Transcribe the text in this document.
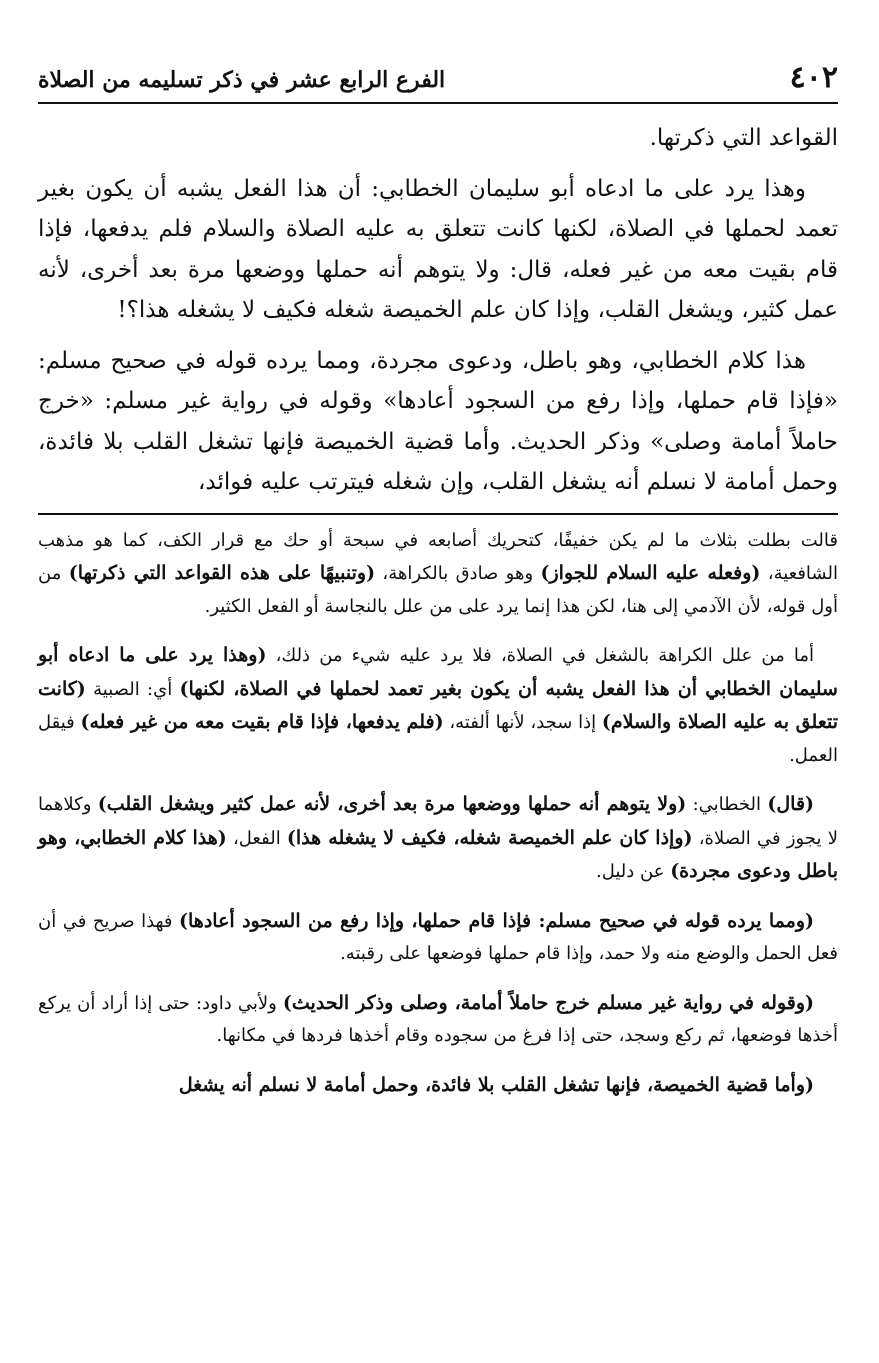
٤٠٢
الفرع الرابع عشر في ذكر تسليمه من الصلاة

القواعد التي ذكرتها.

وهذا يرد على ما ادعاه أبو سليمان الخطابي: أن هذا الفعل يشبه أن يكون بغير تعمد لحملها في الصلاة، لكنها كانت تتعلق به عليه الصلاة والسلام فلم يدفعها، فإذا قام بقيت معه من غير فعله، قال: ولا يتوهم أنه حملها ووضعها مرة بعد أخرى، لأنه عمل كثير، ويشغل القلب، وإذا كان علم الخميصة شغله فكيف لا يشغله هذا؟!

هذا كلام الخطابي، وهو باطل، ودعوى مجردة، ومما يرده قوله في صحيح مسلم: «فإذا قام حملها، وإذا رفع من السجود أعادها» وقوله في رواية غير مسلم: «خرج حاملاً أمامة وصلى» وذكر الحديث. وأما قضية الخميصة فإنها تشغل القلب بلا فائدة، وحمل أمامة لا نسلم أنه يشغل القلب، وإن شغله فيترتب عليه فوائد،

قالت بطلت بثلاث ما لم يكن خفيفًا، كتحريك أصابعه في سبحة أو حك مع قرار الكف، كما هو مذهب الشافعية، (وفعله عليه السلام للجواز) وهو صادق بالكراهة، (وتنبيهًا على هذه القواعد التي ذكرتها) من أول قوله، لأن الآدمي إلى هنا، لكن هذا إنما يرد على من علل بالنجاسة أو الفعل الكثير.

أما من علل الكراهة بالشغل في الصلاة، فلا يرد عليه شيء من ذلك، (وهذا يرد على ما ادعاه أبو سليمان الخطابي أن هذا الفعل يشبه أن يكون بغير تعمد لحملها في الصلاة، لكنها) أي: الصبية (كانت تتعلق به عليه الصلاة والسلام) إذا سجد، لأنها ألفته، (فلم يدفعها، فإذا قام بقيت معه من غير فعله) فيقل العمل.

(قال) الخطابي: (ولا يتوهم أنه حملها ووضعها مرة بعد أخرى، لأنه عمل كثير ويشغل القلب) وكلاهما لا يجوز في الصلاة، (وإذا كان علم الخميصة شغله، فكيف لا يشغله هذا) الفعل، (هذا كلام الخطابي، وهو باطل ودعوى مجردة) عن دليل.

(ومما يرده قوله في صحيح مسلم: فإذا قام حملها، وإذا رفع من السجود أعادها) فهذا صريح في أن فعل الحمل والوضع منه ولا حمد، وإذا قام حملها فوضعها على رقبته.

(وقوله في رواية غير مسلم خرج حاملاً أمامة، وصلى وذكر الحديث) ولأبي داود: حتى إذا أراد أن يركع أخذها فوضعها، ثم ركع وسجد، حتى إذا فرغ من سجوده وقام أخذها فردها في مكانها.

(وأما قضية الخميصة، فإنها تشغل القلب بلا فائدة، وحمل أمامة لا نسلم أنه يشغل
